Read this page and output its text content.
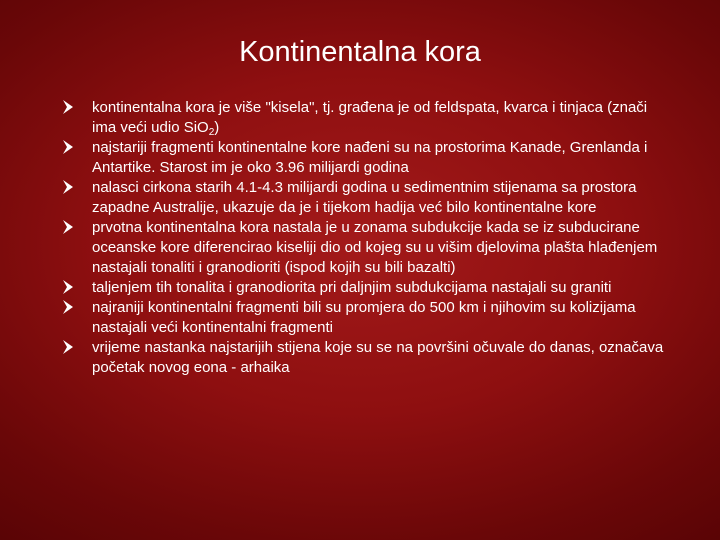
Kontinentalna kora
kontinentalna kora je više "kisela", tj. građena je od feldspata, kvarca i tinjaca (znači ima veći udio SiO$_2$)
najstariji fragmenti kontinentalne kore nađeni su na prostorima Kanade, Grenlanda i Antartike. Starost im je oko 3.96 milijardi godina
nalasci cirkona starih 4.1-4.3 milijardi godina u sedimentnim stijenama sa prostora zapadne Australije, ukazuje da je i tijekom hadija već bilo kontinentalne kore
prvotna kontinentalna kora nastala je u zonama subdukcije kada se iz subducirane oceanske kore diferencirao kiseliji dio od kojeg su u višim djelovima plašta hlađenjem nastajali tonaliti i granodioriti (ispod kojih su bili bazalti)
taljenjem tih tonalita i granodiorita pri daljnjim subdukcijama nastajali su graniti
najraniji kontinentalni fragmenti bili su promjera do 500 km i njihovim su kolizijama nastajali veći kontinentalni fragmenti
vrijeme nastanka najstarijih stijena koje su se na površini očuvale do danas, označava početak novog eona - arhaika
